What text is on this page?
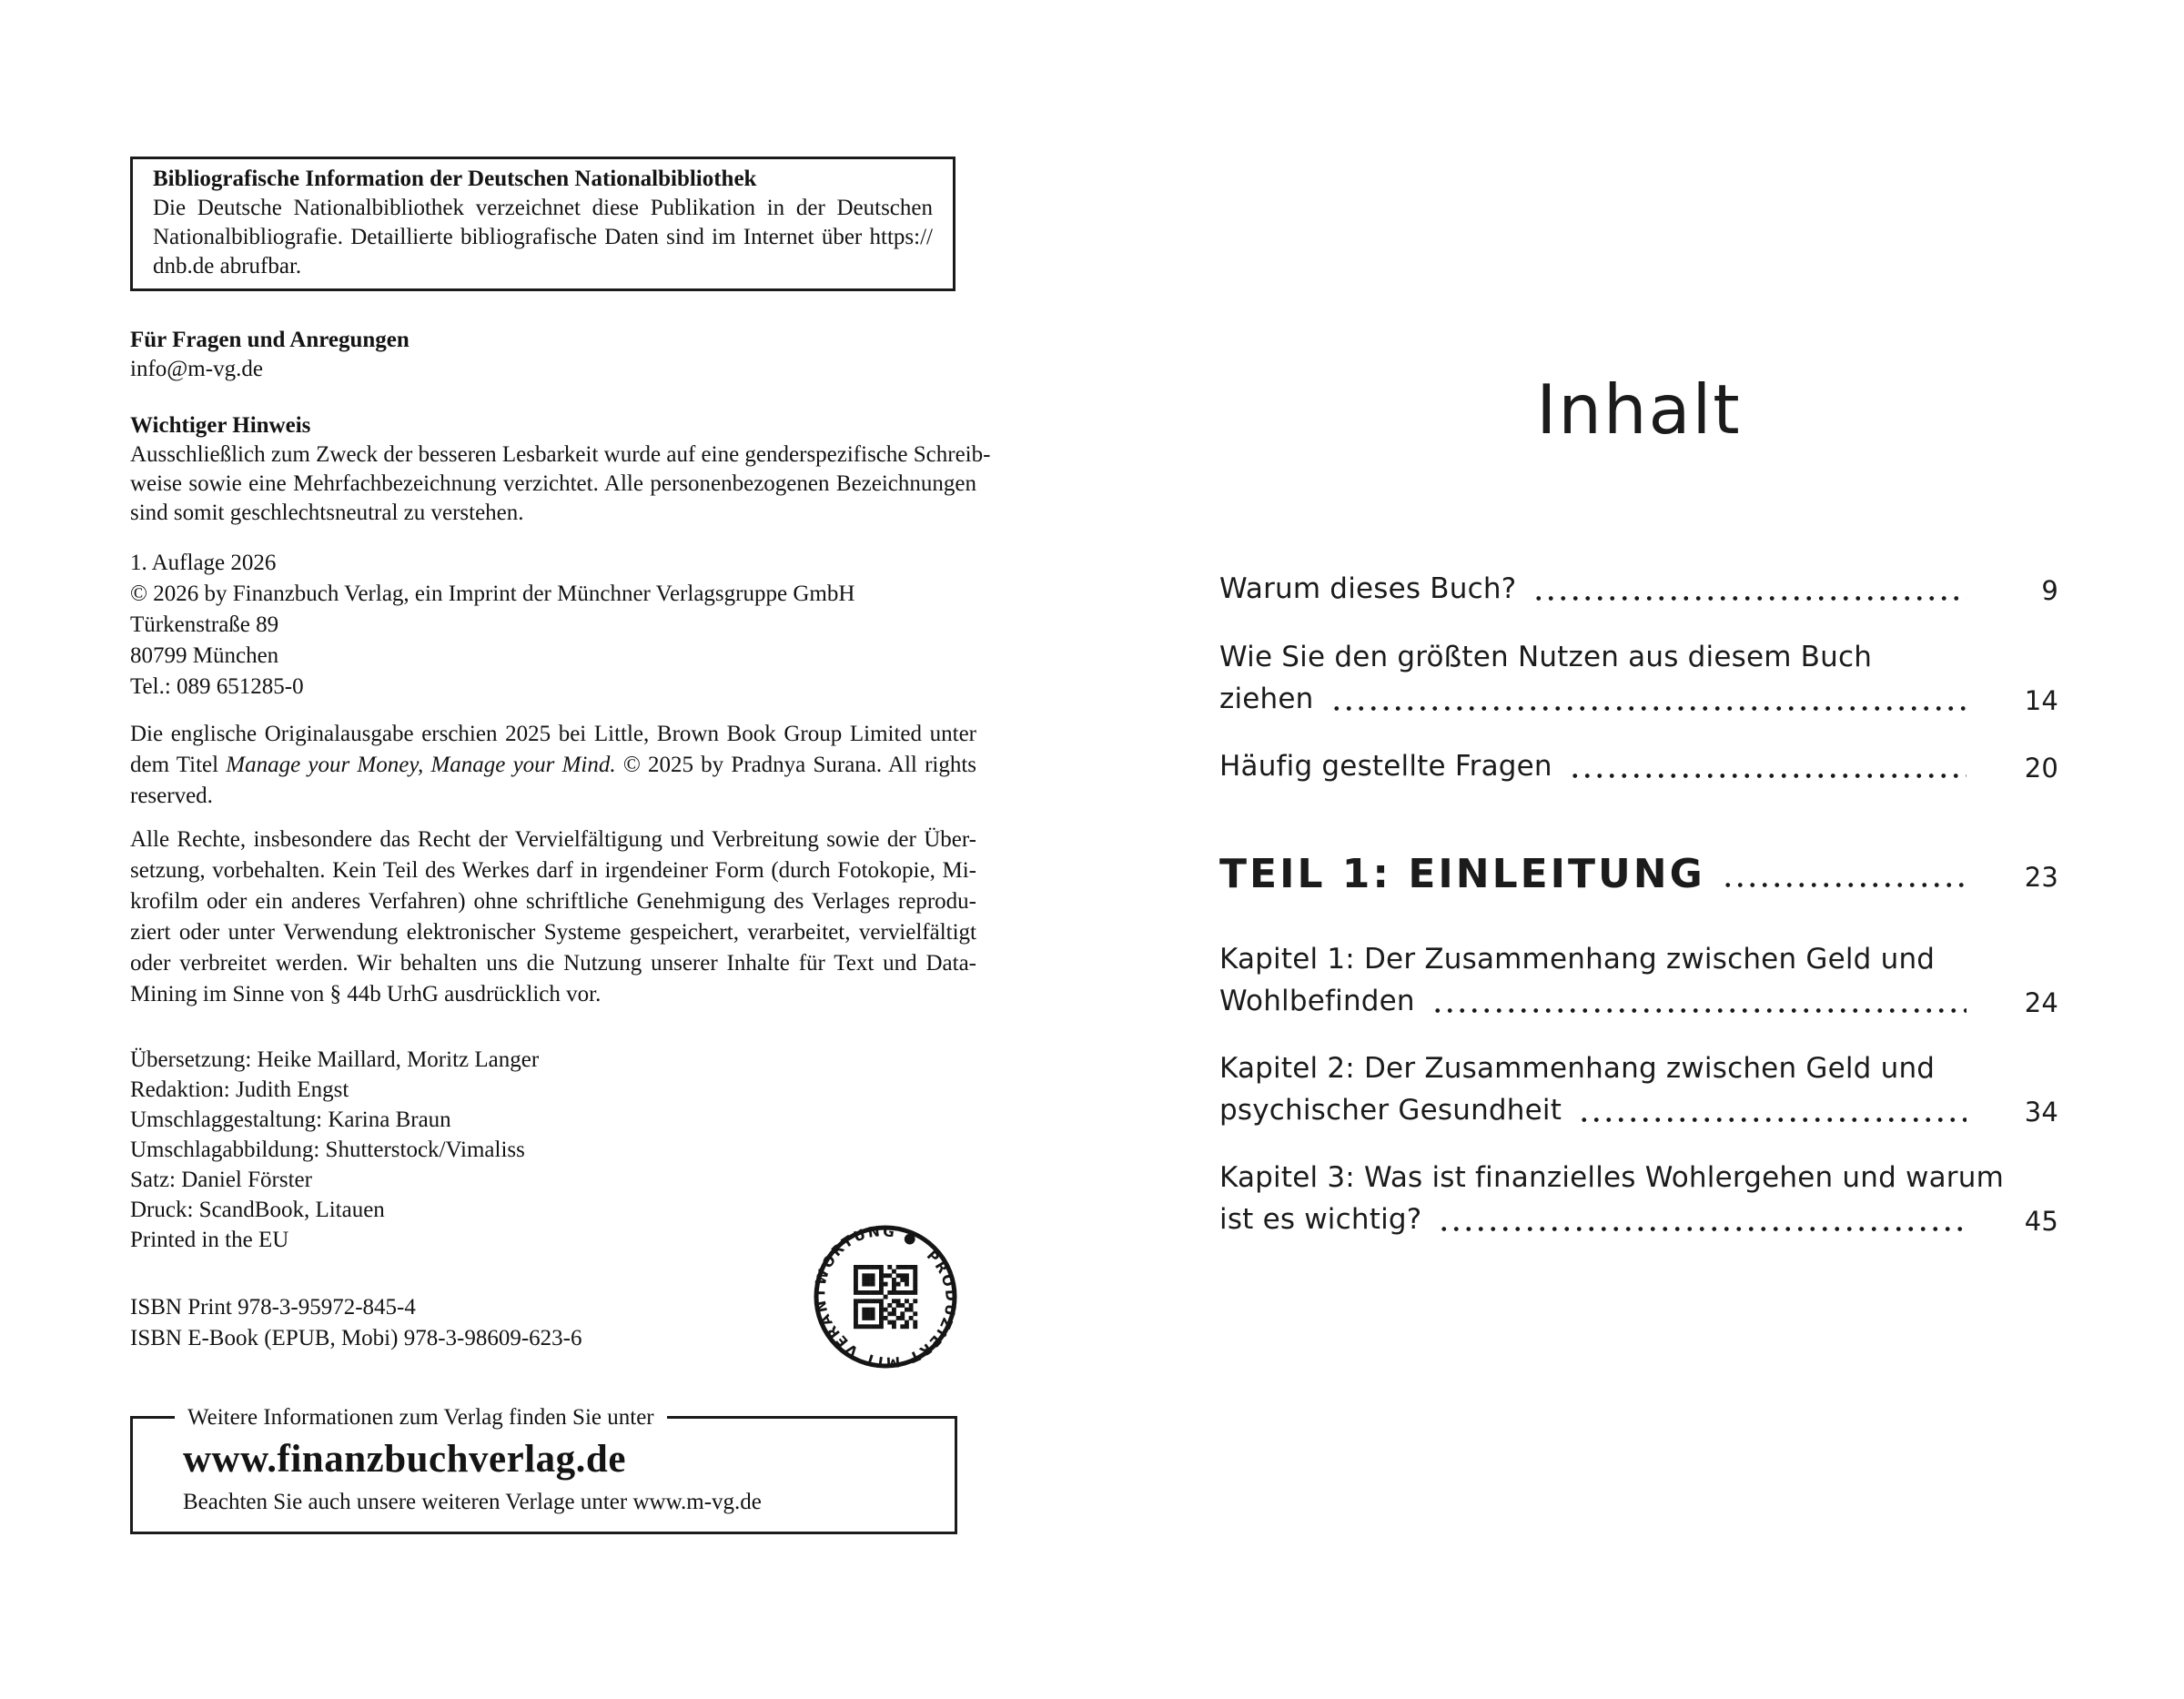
Bibliografische Information der Deutschen Nationalbibliothek
Die Deutsche Nationalbibliothek verzeichnet diese Publikation in der Deutschen
Nationalbibliografie. Detaillierte bibliografische Daten sind im Internet über https://
dnb.de abrufbar.
Für Fragen und Anregungen
info@m-vg.de
Wichtiger Hinweis
Ausschließlich zum Zweck der besseren Lesbarkeit wurde auf eine genderspezifische Schreib-
weise sowie eine Mehrfachbezeichnung verzichtet. Alle personenbezogenen Bezeichnungen
sind somit geschlechtsneutral zu verstehen.
1. Auflage 2026
© 2026 by Finanzbuch Verlag, ein Imprint der Münchner Verlagsgruppe GmbH
Türkenstraße 89
80799 München
Tel.: 089 651285-0
Die englische Originalausgabe erschien 2025 bei Little, Brown Book Group Limited unter
dem Titel Manage your Money, Manage your Mind. © 2025 by Pradnya Surana. All rights
reserved.
Alle Rechte, insbesondere das Recht der Vervielfältigung und Verbreitung sowie der Über-
setzung, vorbehalten. Kein Teil des Werkes darf in irgendeiner Form (durch Fotokopie, Mi-
krofilm oder ein anderes Verfahren) ohne schriftliche Genehmigung des Verlages reprodu-
ziert oder unter Verwendung elektronischer Systeme gespeichert, verarbeitet, vervielfältigt
oder verbreitet werden. Wir behalten uns die Nutzung unserer Inhalte für Text und Data-
Mining im Sinne von § 44b UrhG ausdrücklich vor.
Übersetzung: Heike Maillard, Moritz Langer
Redaktion: Judith Engst
Umschlaggestaltung: Karina Braun
Umschlagabbildung: Shutterstock/Vimaliss
Satz: Daniel Förster
Druck: ScandBook, Litauen
Printed in the EU
ISBN Print 978-3-95972-845-4
ISBN E-Book (EPUB, Mobi) 978-3-98609-623-6
PRODUZIERT MIT VERANTWORTUNG ●
Weitere Informationen zum Verlag finden Sie unter
www.finanzbuchverlag.de
Beachten Sie auch unsere weiteren Verlage unter www.m-vg.de
Inhalt
Warum dieses Buch?	9
Wie Sie den größten Nutzen aus diesem Buch
ziehen	14
Häufig gestellte Fragen	20
TEIL 1: EINLEITUNG	23
Kapitel 1: Der Zusammenhang zwischen Geld und
Wohlbefinden	24
Kapitel 2: Der Zusammenhang zwischen Geld und
psychischer Gesundheit	34
Kapitel 3: Was ist finanzielles Wohlergehen und warum
ist es wichtig?	45
